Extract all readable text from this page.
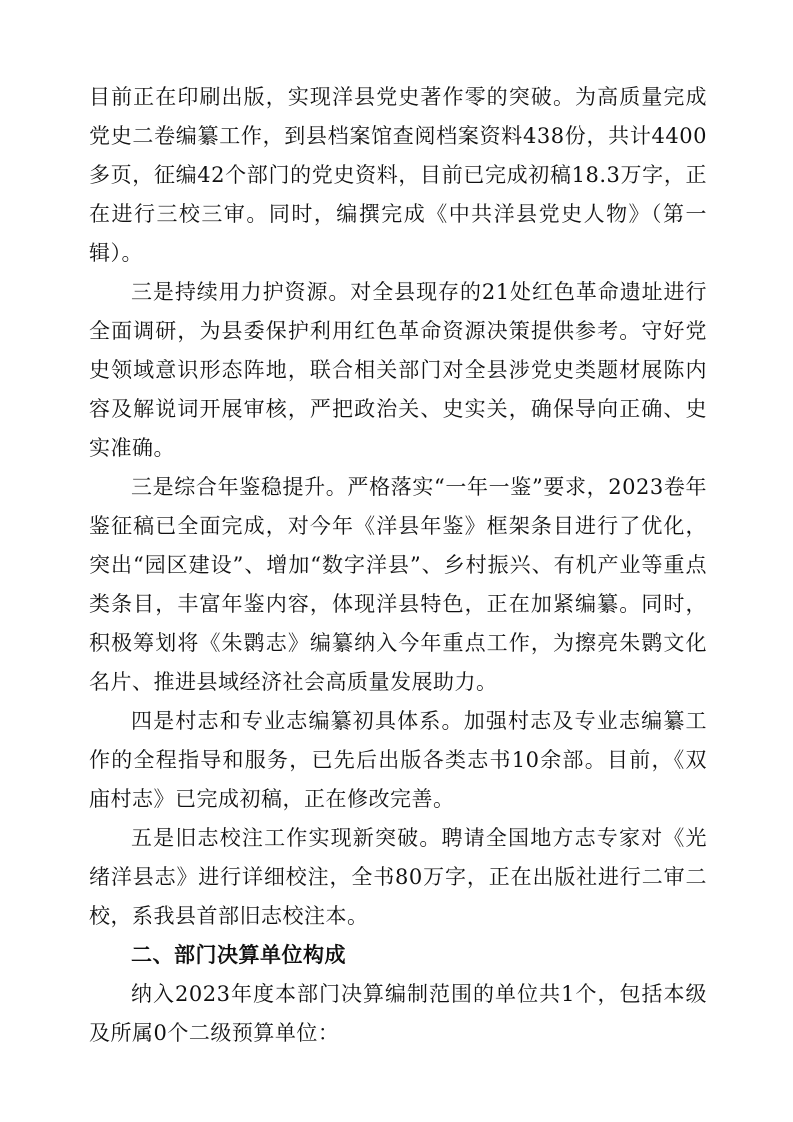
目前正在印刷出版，实现洋县党史著作零的突破。为高质量完成党史二卷编纂工作，到县档案馆查阅档案资料438份，共计4400多页，征编42个部门的党史资料，目前已完成初稿18.3万字，正在进行三校三审。同时，编撰完成《中共洋县党史人物》（第一辑）。

三是持续用力护资源。对全县现存的21处红色革命遗址进行全面调研，为县委保护利用红色革命资源决策提供参考。守好党史领域意识形态阵地，联合相关部门对全县涉党史类题材展陈内容及解说词开展审核，严把政治关、史实关，确保导向正确、史实准确。

三是综合年鉴稳提升。严格落实“一年一鉴”要求，2023卷年鉴征稿已全面完成，对今年《洋县年鉴》框架条目进行了优化，突出“园区建设”、增加“数字洋县”、乡村振兴、有机产业等重点类条目，丰富年鉴内容，体现洋县特色，正在加紧编纂。同时，积极筹划将《朱鹮志》编纂纳入今年重点工作，为擦亮朱鹮文化名片、推进县域经济社会高质量发展助力。

四是村志和专业志编纂初具体系。加强村志及专业志编纂工作的全程指导和服务，已先后出版各类志书10余部。目前，《双庙村志》已完成初稿，正在修改完善。

五是旧志校注工作实现新突破。聘请全国地方志专家对《光绪洋县志》进行详细校注，全书80万字，正在出版社进行二审二校，系我县首部旧志校注本。

二、部门决算单位构成

纳入2023年度本部门决算编制范围的单位共1个，包括本级及所属0个二级预算单位：
